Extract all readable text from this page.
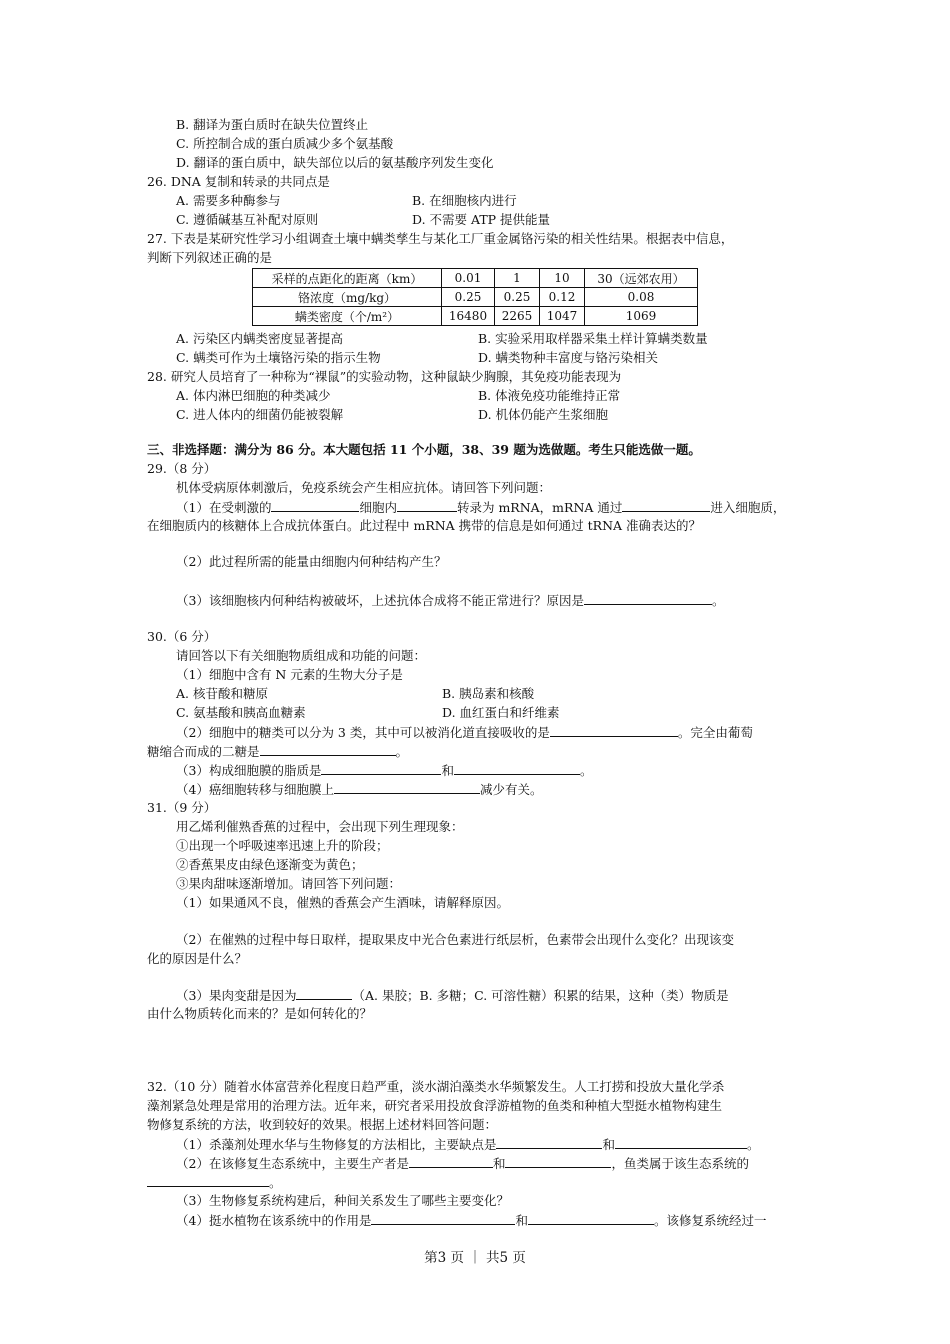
B. 翻译为蛋白质时在缺失位置终止
C. 所控制合成的蛋白质减少多个氨基酸
D. 翻译的蛋白质中，缺失部位以后的氨基酸序列发生变化
26. DNA 复制和转录的共同点是
A. 需要多种酶参与	B. 在细胞核内进行
C. 遵循碱基互补配对原则	D. 不需要 ATP 提供能量
27. 下表是某研究性学习小组调查土壤中螨类孳生与某化工厂重金属铬污染的相关性结果。根据表中信息，
判断下列叙述正确的是
采样的点距化的距离（km）	0.01	1	10	30（远郊农用）
铬浓度（mg/kg）	0.25	0.25	0.12	0.08
螨类密度（个/m²）	16480	2265	1047	1069
A. 污染区内螨类密度显著提高	B. 实验采用取样器采集土样计算螨类数量
C. 螨类可作为土壤铬污染的指示生物	D. 螨类物种丰富度与铬污染相关
28. 研究人员培育了一种称为“裸鼠”的实验动物，这种鼠缺少胸腺，其免疫功能表现为
A. 体内淋巴细胞的种类减少	B. 体液免疫功能维持正常
C. 进人体内的细菌仍能被裂解	D. 机体仍能产生浆细胞
三、非选择题：满分为 86 分。本大题包括 11 个小题，38、39 题为选做题。考生只能选做一题。
29.（8 分）
机体受病原体刺激后，免疫系统会产生相应抗体。请回答下列问题：
（1）在受刺激的	细胞内	转录为 mRNA，mRNA 通过	进入细胞质，
在细胞质内的核糖体上合成抗体蛋白。此过程中 mRNA 携带的信息是如何通过 tRNA 准确表达的？
（2）此过程所需的能量由细胞内何种结构产生？
（3）该细胞核内何种结构被破坏，上述抗体合成将不能正常进行？原因是	。
30.（6 分）
请回答以下有关细胞物质组成和功能的问题：
（1）细胞中含有 N 元素的生物大分子是
A. 核苷酸和糖原	B. 胰岛素和核酸
C. 氨基酸和胰高血糖素	D. 血红蛋白和纤维素
（2）细胞中的糖类可以分为 3 类，其中可以被消化道直接吸收的是	。完全由葡萄
糖缩合而成的二糖是	。
（3）构成细胞膜的脂质是	和	。
（4）癌细胞转移与细胞膜上	减少有关。
31.（9 分）
用乙烯利催熟香蕉的过程中，会出现下列生理现象：
①出现一个呼吸速率迅速上升的阶段；
②香蕉果皮由绿色逐渐变为黄色；
③果肉甜味逐渐增加。请回答下列问题：
（1）如果通风不良，催熟的香蕉会产生酒味，请解释原因。
（2）在催熟的过程中每日取样，提取果皮中光合色素进行纸层析，色素带会出现什么变化？出现该变
化的原因是什么？
（3）果肉变甜是因为	（A. 果胶；B. 多糖；C. 可溶性糖）积累的结果，这种（类）物质是
由什么物质转化而来的？是如何转化的？
32.（10 分）随着水体富营养化程度日趋严重，淡水湖泊藻类水华频繁发生。人工打捞和投放大量化学杀
藻剂紧急处理是常用的治理方法。近年来，研究者采用投放食浮游植物的鱼类和种植大型挺水植物构建生
物修复系统的方法，收到较好的效果。根据上述材料回答问题：
（1）杀藻剂处理水华与生物修复的方法相比，主要缺点是	和	。
（2）在该修复生态系统中，主要生产者是	和	，鱼类属于该生态系统的
。
（3）生物修复系统构建后，种间关系发生了哪些主要变化？
（4）挺水植物在该系统中的作用是	和	。该修复系统经过一
第3 页 ｜ 共5 页
